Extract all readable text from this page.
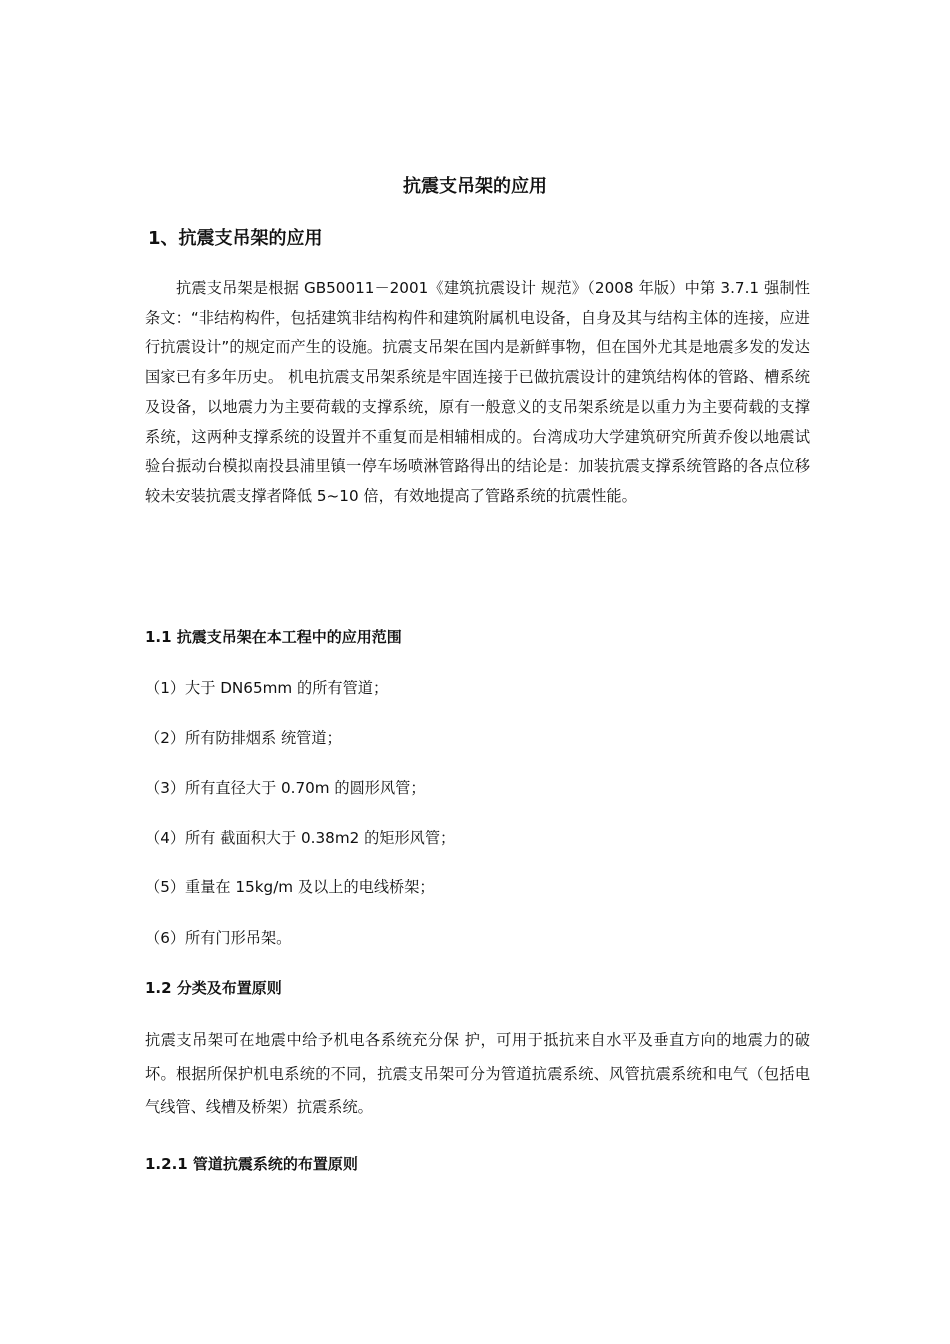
抗震支吊架的应用
1、抗震支吊架的应用

抗震支吊架是根据 GB50011－2001《建筑抗震设计 规范》（2008 年版）中第 3.7.1 强制性条文：“非结构构件，包括建筑非结构构件和建筑附属机电设备，自身及其与结构主体的连接，应进行抗震设计”的规定而产生的设施。抗震支吊架在国内是新鲜事物，但在国外尤其是地震多发的发达国家已有多年历史。 机电抗震支吊架系统是牢固连接于已做抗震设计的建筑结构体的管路、槽系统及设备，以地震力为主要荷载的支撑系统，原有一般意义的支吊架系统是以重力为主要荷载的支撑系统，这两种支撑系统的设置并不重复而是相辅相成的。台湾成功大学建筑研究所黄乔俊以地震试验台振动台模拟南投县浦里镇一停车场喷淋管路得出的结论是：加装抗震支撑系统管路的各点位移较未安装抗震支撑者降低 5~10 倍，有效地提高了管路系统的抗震性能。

1.1 抗震支吊架在本工程中的应用范围

（1）大于 DN65mm 的所有管道；

（2）所有防排烟系 统管道；

（3）所有直径大于 0.70m 的圆形风管；

（4）所有 截面积大于 0.38m2 的矩形风管；

（5）重量在 15kg/m 及以上的电线桥架；

（6）所有门形吊架。

1.2 分类及布置原则

抗震支吊架可在地震中给予机电各系统充分保 护，可用于抵抗来自水平及垂直方向的地震力的破坏。根据所保护机电系统的不同，抗震支吊架可分为管道抗震系统、风管抗震系统和电气（包括电气线管、线槽及桥架）抗震系统。

1.2.1 管道抗震系统的布置原则
